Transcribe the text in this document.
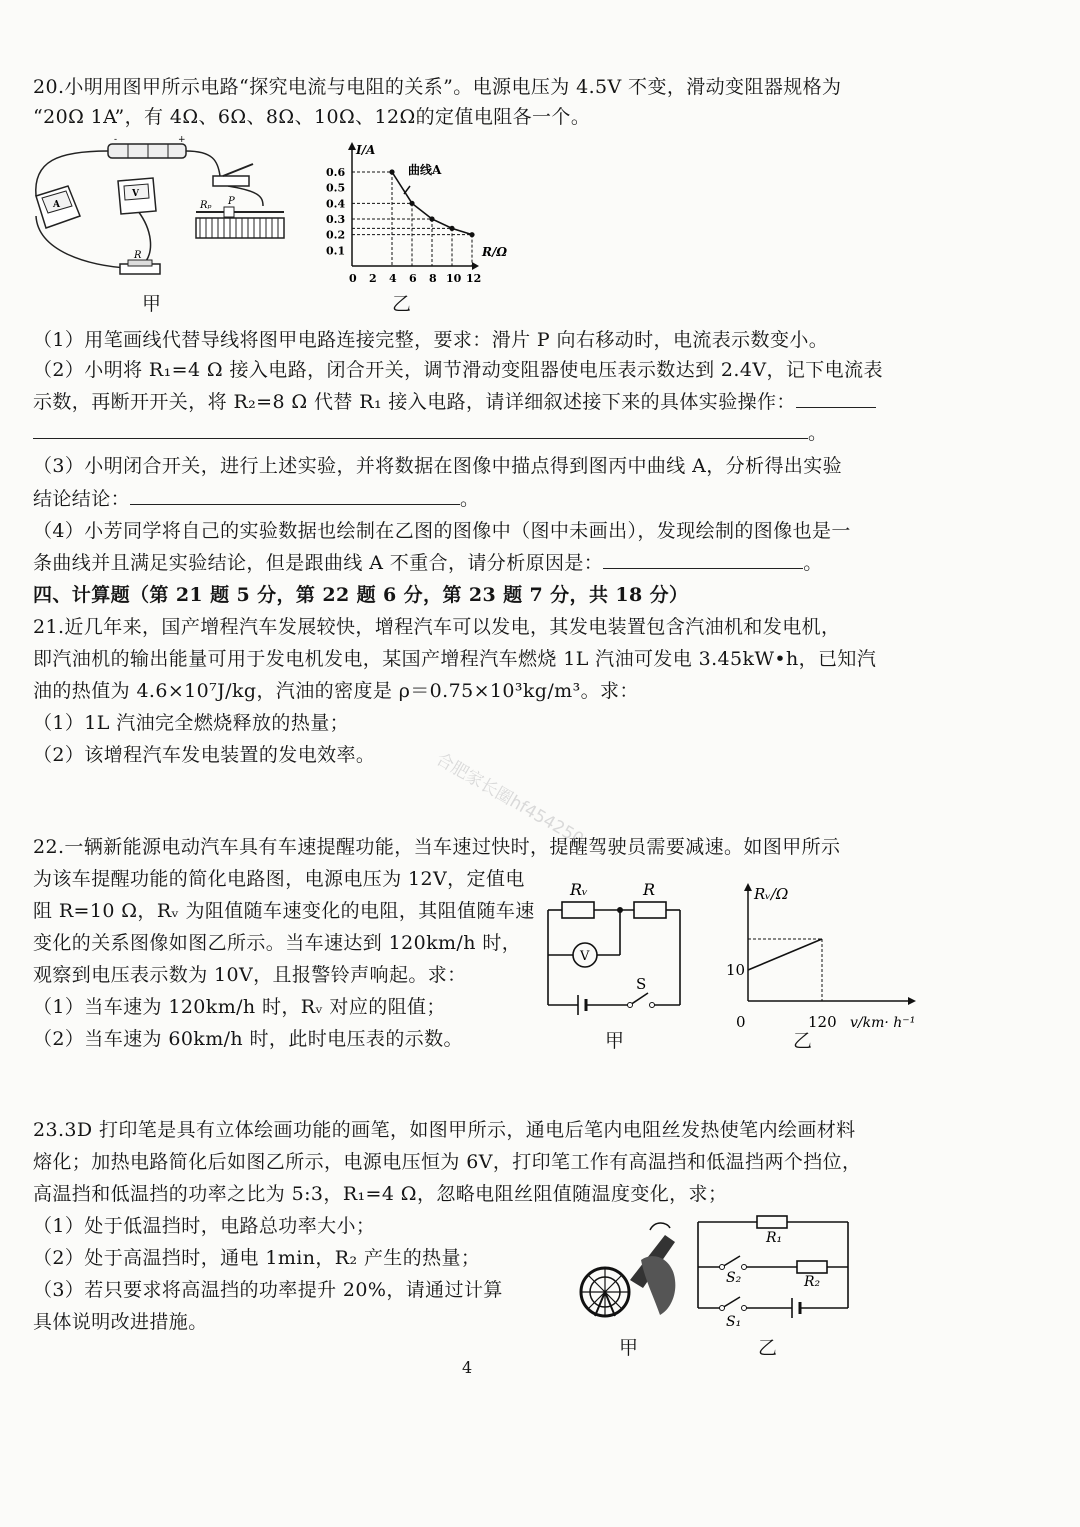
20.小明用图甲所示电路“探究电流与电阻的关系”。电源电压为 4.5V 不变，滑动变阻器规格为
“20Ω 1A”，有 4Ω、6Ω、8Ω、10Ω、12Ω的定值电阻各一个。
-	+
A
V
Rₚ P
R
甲
0.1
0.2
0.3
0.4
0.5
0.6
0 2 4 6 8 10 12
I/A
R/Ω
曲线A
乙
（1）用笔画线代替导线将图甲电路连接完整，要求：滑片 P 向右移动时，电流表示数变小。
（2）小明将 R₁=4 Ω 接入电路，闭合开关，调节滑动变阻器使电压表示数达到 2.4V，记下电流表
示数，再断开开关，将 R₂=8 Ω 代替 R₁ 接入电路，请详细叙述接下来的具体实验操作：
。
（3）小明闭合开关，进行上述实验，并将数据在图像中描点得到图丙中曲线 A，分析得出实验
结论结论：	。
（4）小芳同学将自己的实验数据也绘制在乙图的图像中（图中未画出），发现绘制的图像也是一
条曲线并且满足实验结论，但是跟曲线 A 不重合，请分析原因是：	。
四、计算题（第 21 题 5 分，第 22 题 6 分，第 23 题 7 分，共 18 分）
21.近几年来，国产增程汽车发展较快，增程汽车可以发电，其发电装置包含汽油机和发电机，
即汽油机的输出能量可用于发电机发电，某国产增程汽车燃烧 1L 汽油可发电 3.45kW•h，已知汽
油的热值为 4.6×10⁷J/kg，汽油的密度是 ρ＝0.75×10³kg/m³。求：
（1）1L 汽油完全燃烧释放的热量；
（2）该增程汽车发电装置的发电效率。	合肥家长圈hf454250
22.一辆新能源电动汽车具有车速提醒功能，当车速过快时，提醒驾驶员需要减速。如图甲所示
为该车提醒功能的简化电路图，电源电压为 12V，定值电
阻 R=10 Ω，Rᵥ 为阻值随车速变化的电阻，其阻值随车速
变化的关系图像如图乙所示。当车速达到 120km/h 时，
观察到电压表示数为 10V，且报警铃声响起。求：
（1）当车速为 120km/h 时，Rᵥ 对应的阻值；
（2）当车速为 60km/h 时，此时电压表的示数。
Rᵥ	R
V
S
甲
Rᵥ/Ω
10
0	120 v/km· h⁻¹
乙
23.3D 打印笔是具有立体绘画功能的画笔，如图甲所示，通电后笔内电阻丝发热使笔内绘画材料
熔化；加热电路简化后如图乙所示，电源电压恒为 6V，打印笔工作有高温挡和低温挡两个挡位，
高温挡和低温挡的功率之比为 5:3，R₁=4 Ω，忽略电阻丝阻值随温度变化，求；
（1）处于低温挡时，电路总功率大小；
（2）处于高温挡时，通电 1min，R₂ 产生的热量；
（3）若只要求将高温挡的功率提升 20%，请通过计算
具体说明改进措施。
甲
R₁
R₂
S₂
S₁
乙
4
